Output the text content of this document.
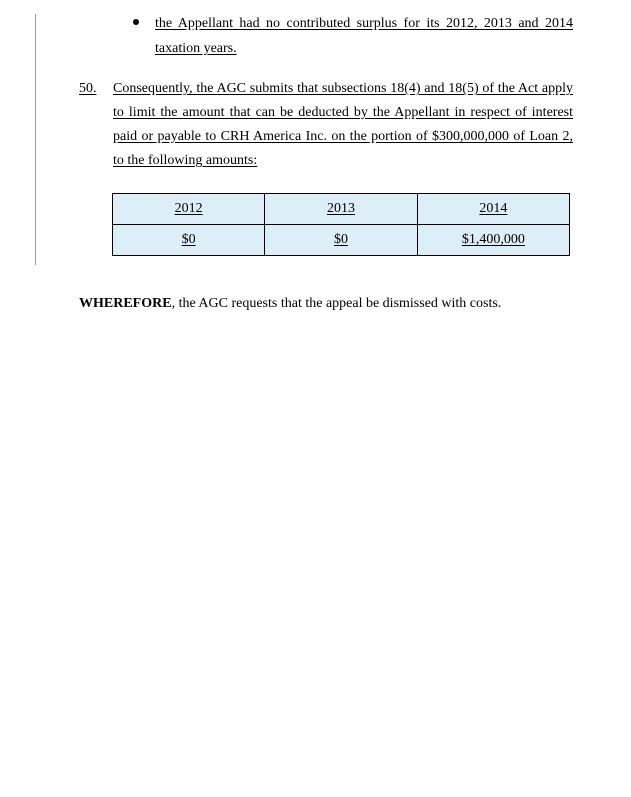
the Appellant had no contributed surplus for its 2012, 2013 and 2014
taxation years.
50. Consequently, the AGC submits that subsections 18(4) and 18(5) of the Act apply
to limit the amount that can be deducted by the Appellant in respect of interest
paid or payable to CRH America Inc. on the portion of $300,000,000 of Loan 2,
to the following amounts:
2012	2013	2014
$0	$0	$1,400,000
WHEREFORE, the AGC requests that the appeal be dismissed with costs.
